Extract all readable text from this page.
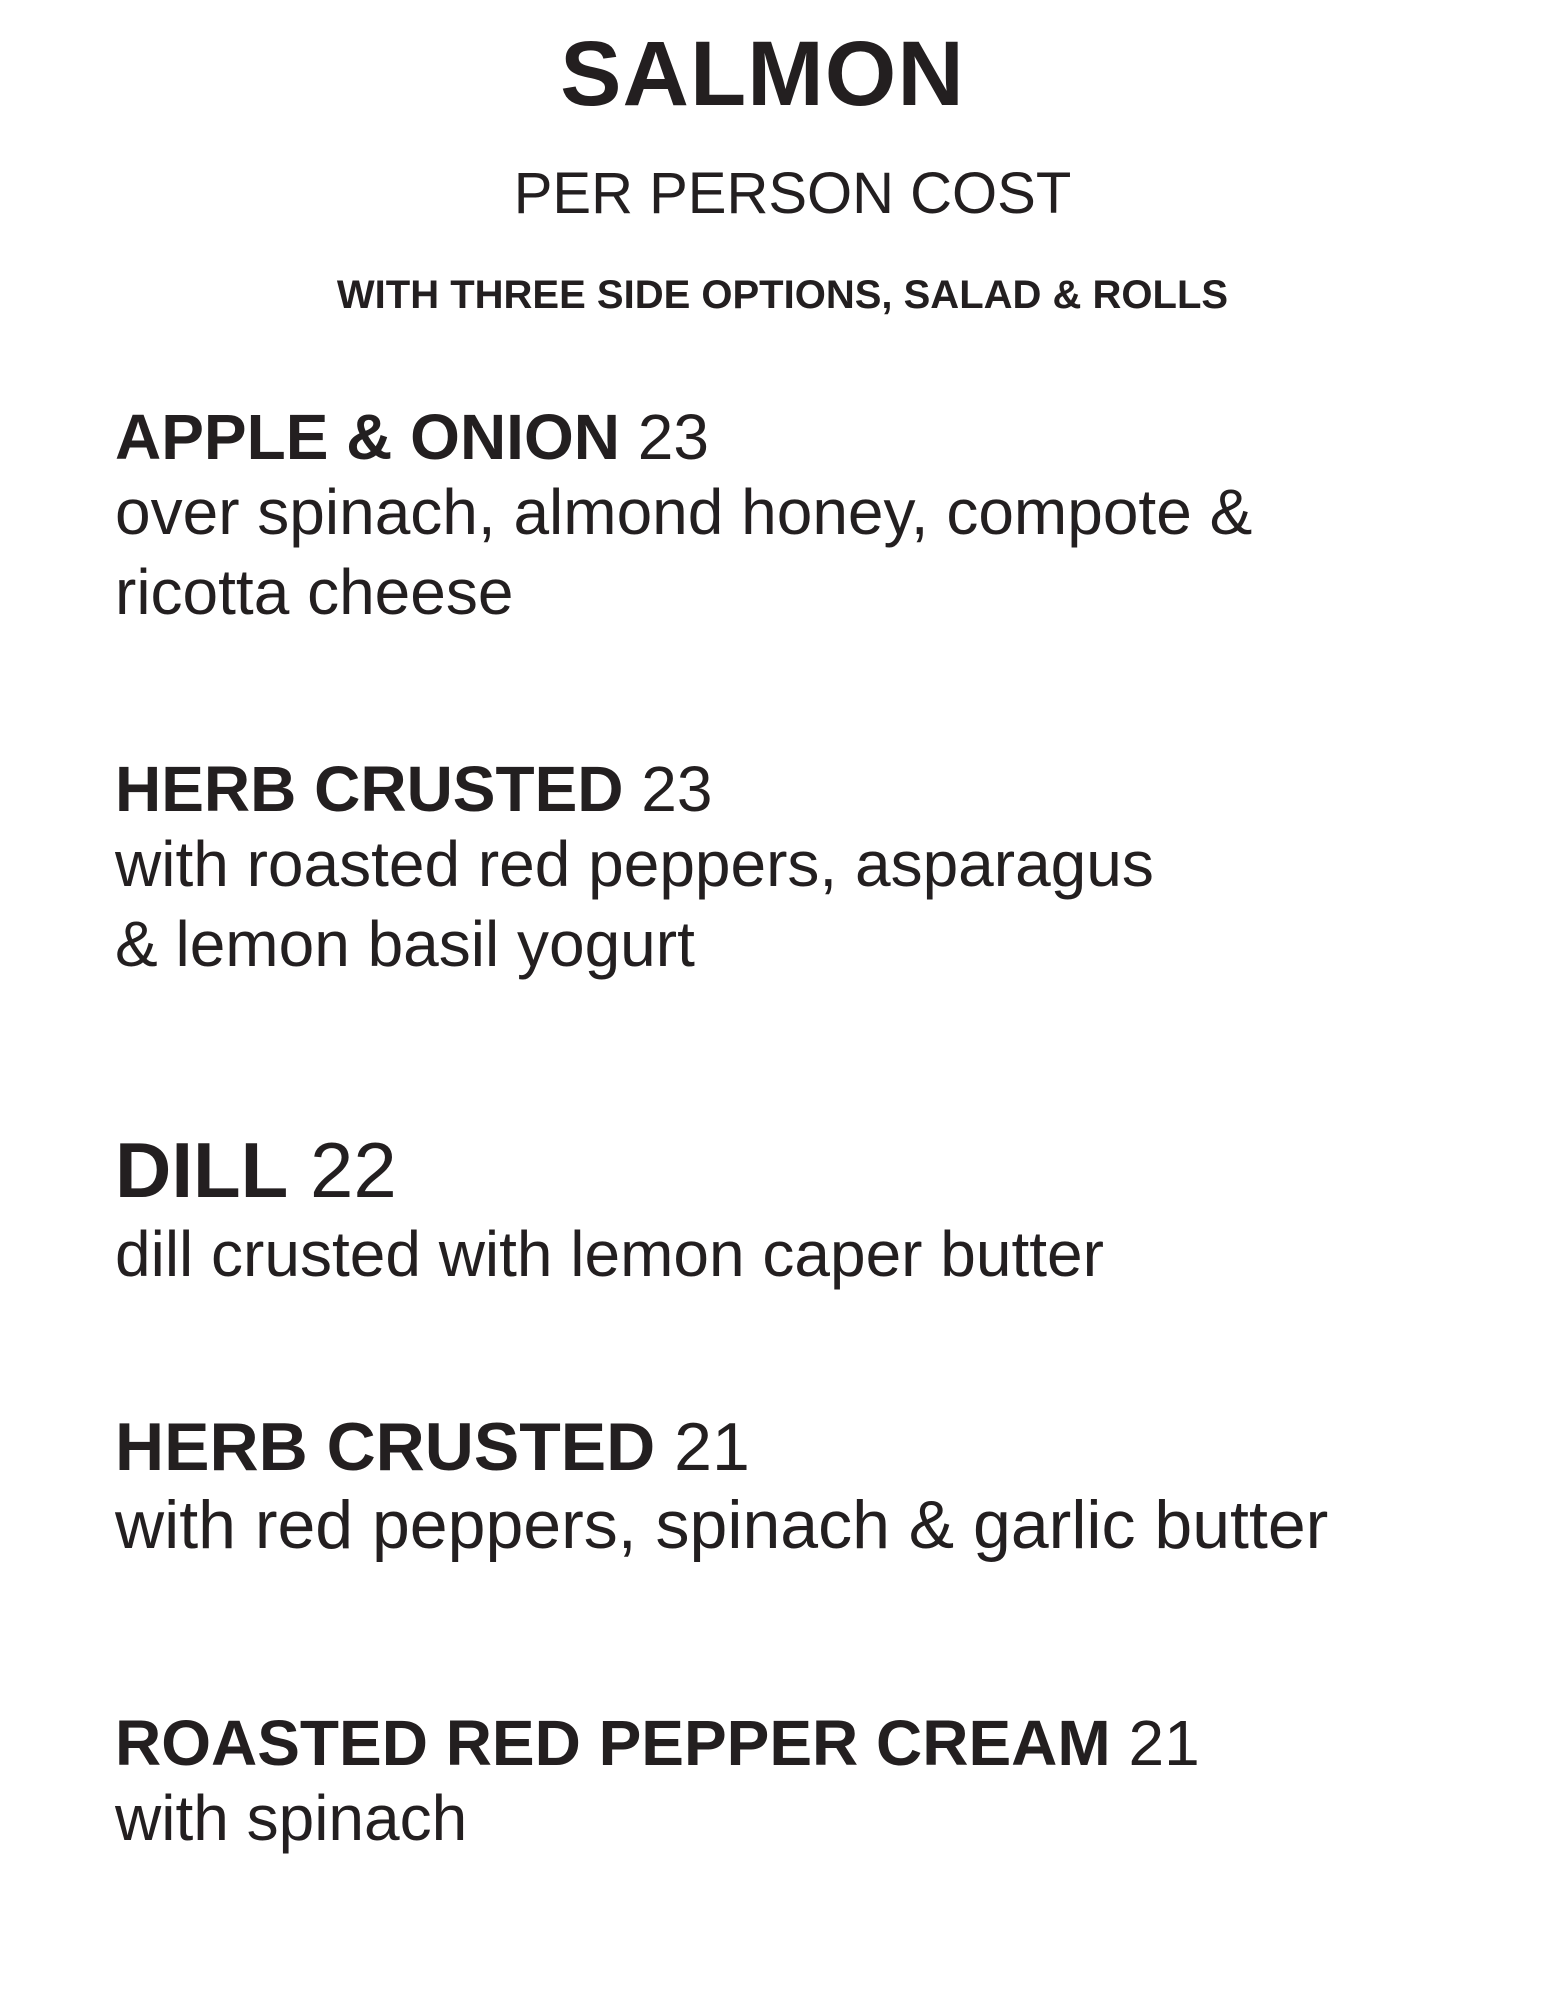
SALMON
PER PERSON COST
WITH THREE SIDE OPTIONS, SALAD & ROLLS
APPLE & ONION 23
over spinach, almond honey, compote &
ricotta cheese
HERB CRUSTED 23
with roasted red peppers, asparagus
& lemon basil yogurt
DILL 22
dill crusted with lemon caper butter
HERB CRUSTED 21
with red peppers, spinach & garlic butter
ROASTED RED PEPPER CREAM 21
with spinach
